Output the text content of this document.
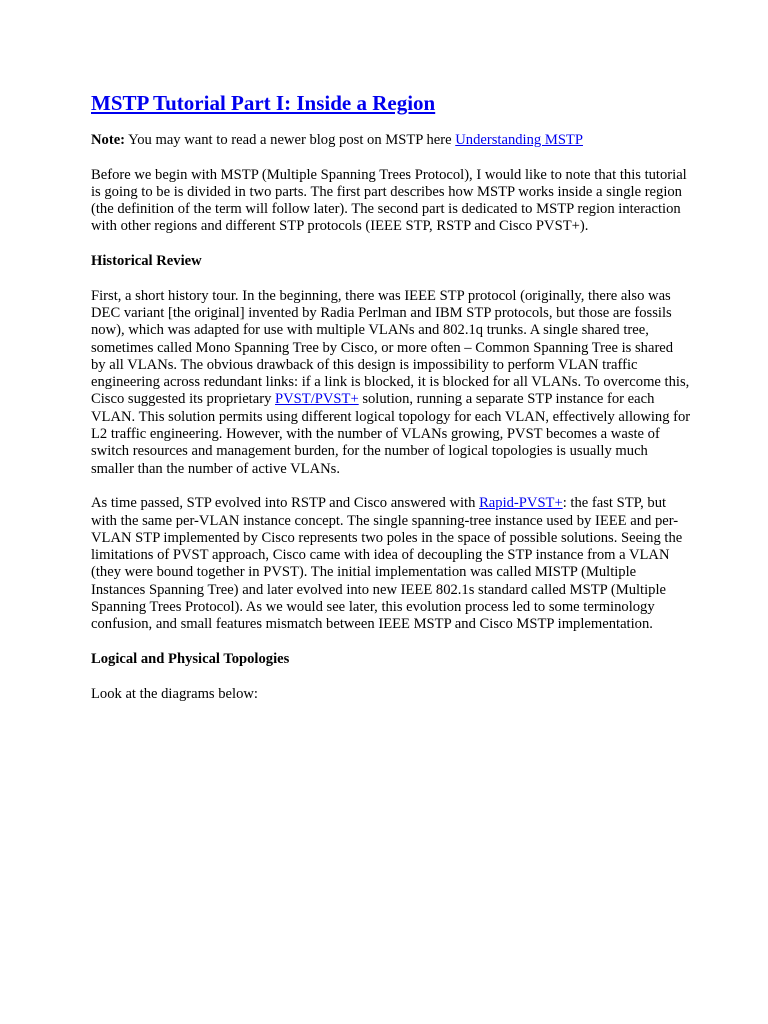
MSTP Tutorial Part I: Inside a Region

Note: You may want to read a newer blog post on MSTP here Understanding MSTP

Before we begin with MSTP (Multiple Spanning Trees Protocol), I would like to note that this tutorial is going to be is divided in two parts. The first part describes how MSTP works inside a single region (the definition of the term will follow later). The second part is dedicated to MSTP region interaction with other regions and different STP protocols (IEEE STP, RSTP and Cisco PVST+).

Historical Review

First, a short history tour. In the beginning, there was IEEE STP protocol (originally, there also was DEC variant [the original] invented by Radia Perlman and IBM STP protocols, but those are fossils now), which was adapted for use with multiple VLANs and 802.1q trunks. A single shared tree, sometimes called Mono Spanning Tree by Cisco, or more often – Common Spanning Tree is shared by all VLANs. The obvious drawback of this design is impossibility to perform VLAN traffic engineering across redundant links: if a link is blocked, it is blocked for all VLANs. To overcome this, Cisco suggested its proprietary PVST/PVST+ solution, running a separate STP instance for each VLAN. This solution permits using different logical topology for each VLAN, effectively allowing for L2 traffic engineering. However, with the number of VLANs growing, PVST becomes a waste of switch resources and management burden, for the number of logical topologies is usually much smaller than the number of active VLANs.

As time passed, STP evolved into RSTP and Cisco answered with Rapid-PVST+: the fast STP, but with the same per-VLAN instance concept. The single spanning-tree instance used by IEEE and per-VLAN STP implemented by Cisco represents two poles in the space of possible solutions. Seeing the limitations of PVST approach, Cisco came with idea of decoupling the STP instance from a VLAN (they were bound together in PVST). The initial implementation was called MISTP (Multiple Instances Spanning Tree) and later evolved into new IEEE 802.1s standard called MSTP (Multiple Spanning Trees Protocol). As we would see later, this evolution process led to some terminology confusion, and small features mismatch between IEEE MSTP and Cisco MSTP implementation.

Logical and Physical Topologies

Look at the diagrams below:
